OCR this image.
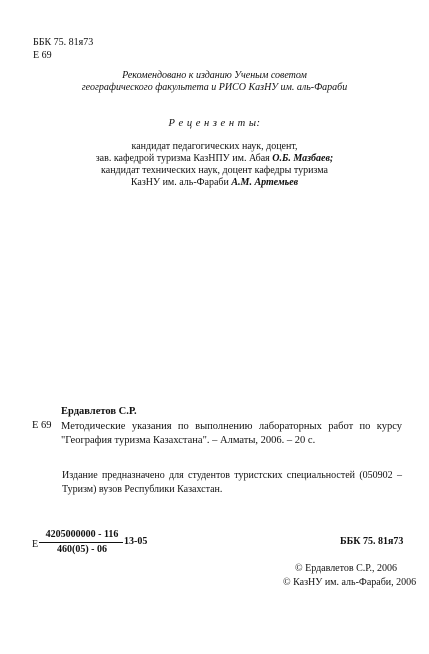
ББК 75. 81я73
Е 69
Рекомендовано к изданию Ученым советом
географического факультета и РИСО КазНУ им. аль-Фараби
Р е ц е н з е н т ы:
кандидат педагогических наук, доцент,
зав. кафедрой туризма КазНПУ им. Абая О.Б. Мазбаев;
кандидат технических наук, доцент кафедры туризма
КазНУ им. аль-Фараби А.М. Артемьев
Ердавлетов С.Р.
Е 69 Методические указания по выполнению лабораторных работ по курсу "География туризма Казахстана". – Алматы, 2006. – 20 с.
Издание предназначено для студентов туристских специальностей (050902 – Туризм) вузов Республики Казахстан.
Е
4205000000 - 116
460(05) - 06
13-05	ББК 75. 81я73
© Ердавлетов С.Р., 2006
© КазНУ им. аль-Фараби, 2006
